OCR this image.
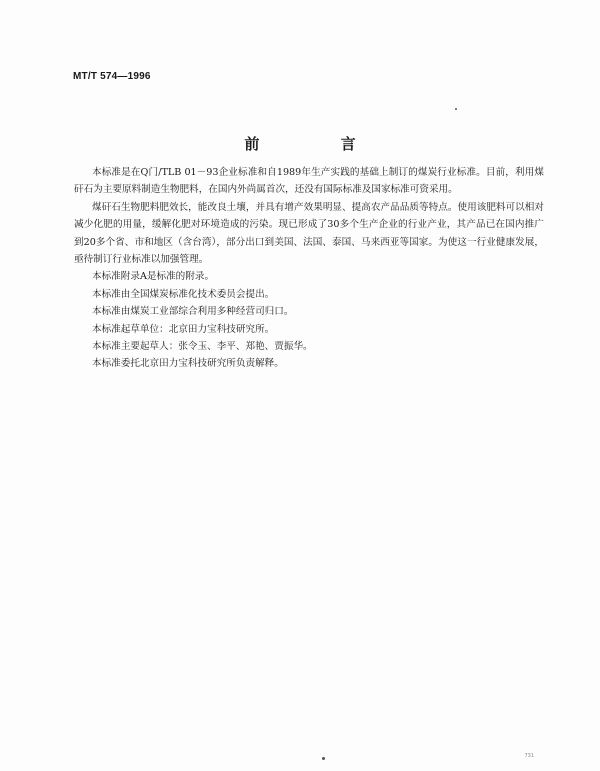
MT/T 574—1996
前 言

本标准是在Q门/TLB 01－93企业标准和自1989年生产实践的基础上制订的煤炭行业标准。目前，利用煤矸石为主要原料制造生物肥料，在国内外尚属首次，还没有国际标准及国家标准可资采用。

煤矸石生物肥料肥效长，能改良土壤，并具有增产效果明显、提高农产品品质等特点。使用该肥料可以相对减少化肥的用量，缓解化肥对环境造成的污染。现已形成了30多个生产企业的行业产业，其产品已在国内推广到20多个省、市和地区（含台湾），部分出口到美国、法国、泰国、马来西亚等国家。为使这一行业健康发展，亟待制订行业标准以加强管理。

本标准附录A是标准的附录。

本标准由全国煤炭标准化技术委员会提出。

本标准由煤炭工业部综合利用多种经营司归口。

本标准起草单位：北京田力宝科技研究所。

本标准主要起草人：张令玉、李平、郑艳、贾振华。

本标准委托北京田力宝科技研究所负责解释。

731
